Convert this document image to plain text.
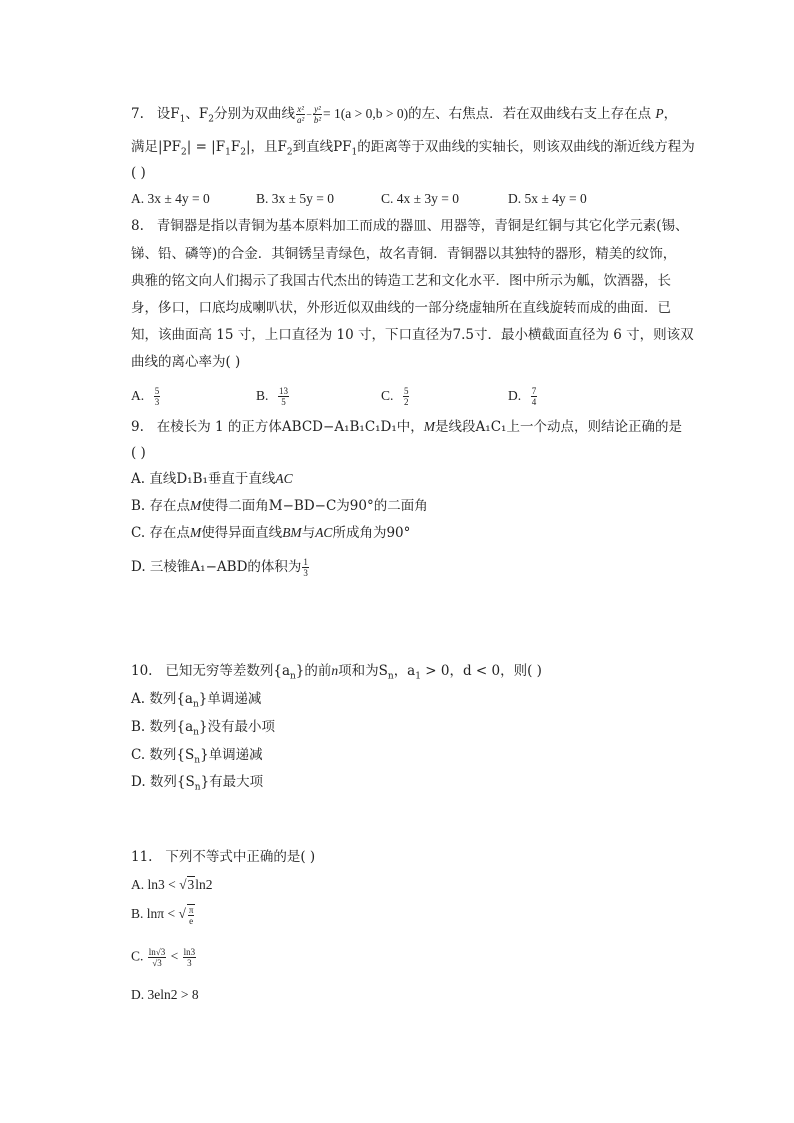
7. 设$F_1$、$F_2$分别为双曲线 $\frac{\text{x²}}{\text{a²}} - \frac{\text{y²}}{\text{b²}} = 1(a > 0,b > 0)$的左、右焦点．若在双曲线右支上存在点 P，
满足$|PF_2| = |F_1F_2|$，且$F_2$到直线$PF_1$的距离等于双曲线的实轴长，则该双曲线的渐近线方程为
( )
A. 3x ± 4y = 0	B. 3x ± 5y = 0	C. 4x ± 3y = 0	D. 5x ± 4y = 0
8. 青铜器是指以青铜为基本原料加工而成的器皿、用器等，青铜是红铜与其它化学元素(锡、
锑、铅、磷等)的合金．其铜锈呈青绿色，故名青铜．青铜器以其独特的器形，精美的纹饰，
典雅的铭文向人们揭示了我国古代杰出的铸造工艺和文化水平．图中所示为觚，饮酒器，长
身，侈口，口底均成喇叭状，外形近似双曲线的一部分绕虚轴所在直线旋转而成的曲面．已
知，该曲面高 15 寸，上口直径为 10 寸，下口直径为7.5寸．最小横截面直径为 6 寸，则该双
曲线的离心率为( )
A. $\frac{5}{3}$	B. $\frac{13}{5}$	C. $\frac{5}{2}$	D. $\frac{7}{4}$
9. 在棱长为 1 的正方体ABCD−A₁B₁C₁D₁中，M是线段A₁C₁上一个动点，则结论正确的是
( )
A. 直线D₁B₁垂直于直线AC
B. 存在点M使得二面角M−BD−C为90°的二面角
C. 存在点M使得异面直线BM与AC所成角为90°
D. 三棱锥A₁−ABD的体积为 $\frac{1}{3}$
10. 已知无穷等差数列$\{a_n\}$的前n项和为$S_n$，$a_1 > 0$，d < 0，则( )
A. 数列$\{a_n\}$单调递减
B. 数列$\{a_n\}$没有最小项
C. 数列$\{S_n\}$单调递减
D. 数列$\{S_n\}$有最大项
11. 下列不等式中正确的是( )
A. ln3 < √3ln2
B. lnπ < √ $\frac{\pi}{e}$
C. $\frac{\ln√3}{√3} < \frac{\ln 3}{3}$
D. 3eln2 > 8
